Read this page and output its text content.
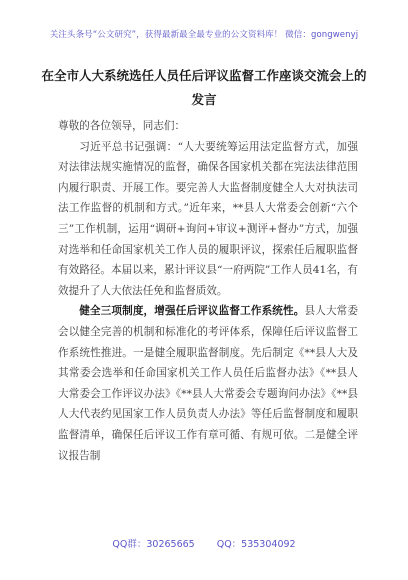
关注头条号“公文研究”，获得最新最全最专业的公文资料库！ 微信：gongwenyj
在全市人大系统选任人员任后评议监督工作座谈交流会上的发言

尊敬的各位领导，同志们：

习近平总书记强调：“人大要统筹运用法定监督方式，加强对法律法规实施情况的监督，确保各国家机关都在宪法法律范围内履行职责、开展工作。要完善人大监督制度健全人大对执法司法工作监督的机制和方式。”近年来，**县人大常委会创新“六个三”工作机制，运用“调研+询问+审议+测评+督办”方式，加强对选举和任命国家机关工作人员的履职评议，探索任后履职监督有效路径。本届以来，累计评议县“一府两院”工作人员41名，有效提升了人大依法任免和监督质效。

健全三项制度，增强任后评议监督工作系统性。县人大常委会以健全完善的机制和标准化的考评体系，保障任后评议监督工作系统性推进。一是健全履职监督制度。先后制定《**县人大及其常委会选举和任命国家机关工作人员任后监督办法》《**县人大常委会工作评议办法》《**县人大常委会专题询问办法》《**县人大代表约见国家工作人员负责人办法》等任后监督制度和履职监督清单，确保任后评议工作有章可循、有规可依。二是健全评议报告制

QQ群：30265665 QQ：535304092
